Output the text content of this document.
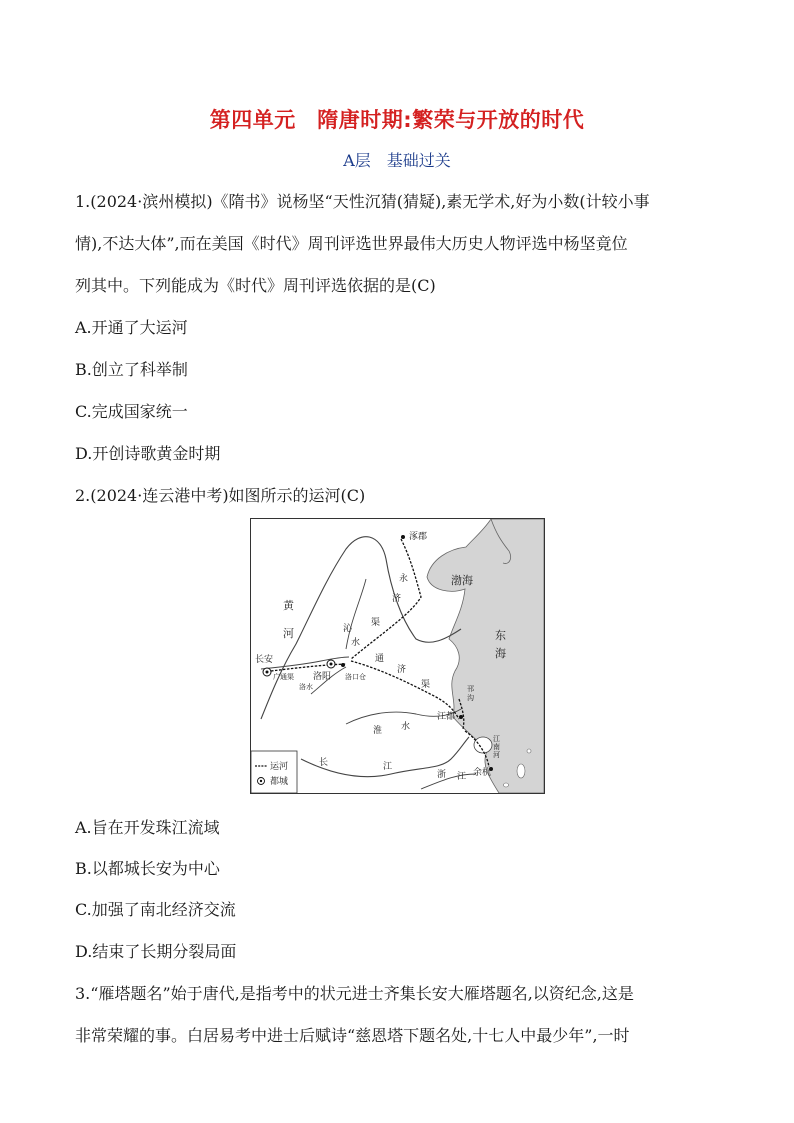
第四单元　隋唐时期:繁荣与开放的时代
A层　基础过关
1.(2024·滨州模拟)《隋书》说杨坚“天性沉猜(猜疑),素无学术,好为小数(计较小事
情),不达大体”,而在美国《时代》周刊评选世界最伟大历史人物评选中杨坚竟位
列其中。下列能成为《时代》周刊评选依据的是(C)
A.开通了大运河
B.创立了科举制
C.完成国家统一
D.开创诗歌黄金时期
2.(2024·连云港中考)如图所示的运河(C)
涿郡
渤海
东
海
黄
河
永
济
渠
沁
水
长安
广通渠 洛阳
洛水
洛口仓
通
济
渠
淮 水
邗
沟
江都
江
南
河
长	江
浙 江 余杭
运河
都城
A.旨在开发珠江流域
B.以都城长安为中心
C.加强了南北经济交流
D.结束了长期分裂局面
3.“雁塔题名”始于唐代,是指考中的状元进士齐集长安大雁塔题名,以资纪念,这是
非常荣耀的事。白居易考中进士后赋诗“慈恩塔下题名处,十七人中最少年”,一时
